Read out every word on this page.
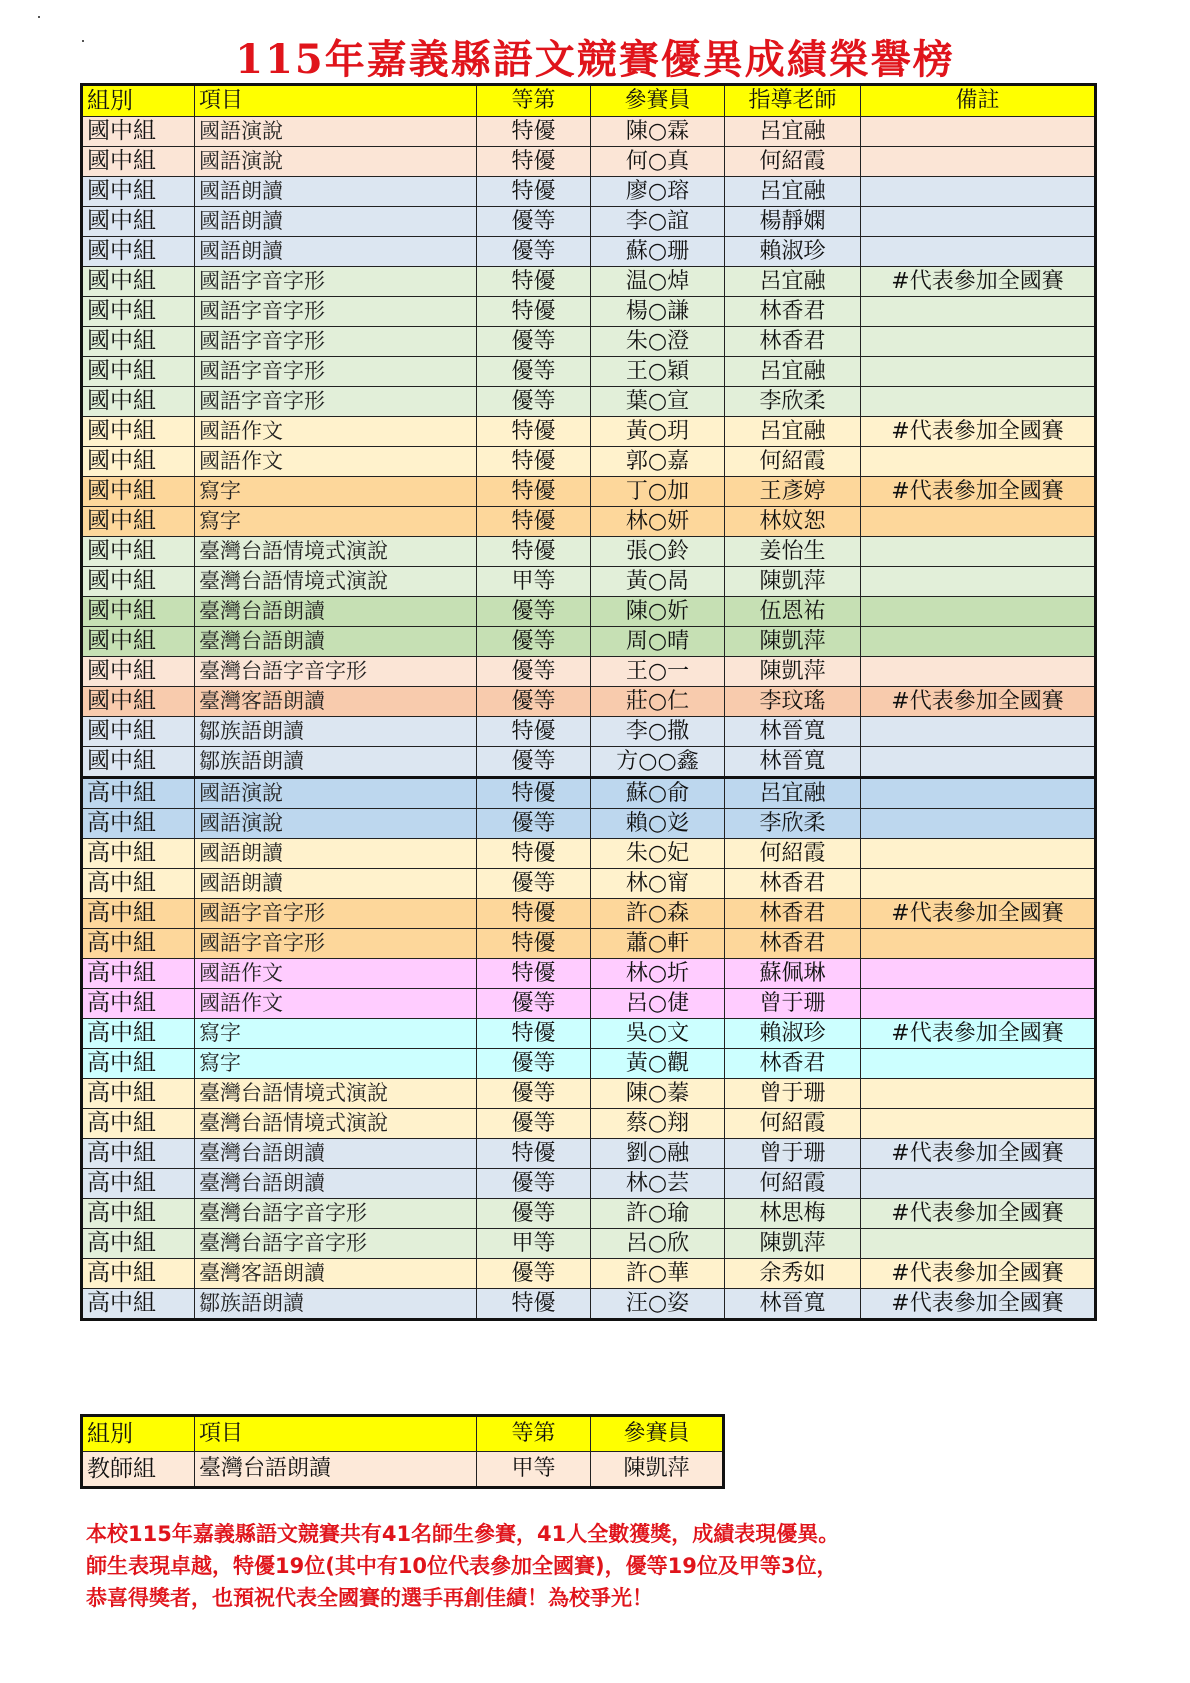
115年嘉義縣語文競賽優異成績榮譽榜
組別	項目	等第	參賽員	指導老師	備註
國中組	國語演說	特優	陳○霖	呂宜融	
國中組	國語演說	特優	何○真	何紹霞	
國中組	國語朗讀	特優	廖○瑢	呂宜融	
國中組	國語朗讀	優等	李○誼	楊靜嫻	
國中組	國語朗讀	優等	蘇○珊	賴淑珍	
國中組	國語字音字形	特優	温○焯	呂宜融	#代表參加全國賽
國中組	國語字音字形	特優	楊○謙	林香君	
國中組	國語字音字形	優等	朱○澄	林香君	
國中組	國語字音字形	優等	王○穎	呂宜融	
國中組	國語字音字形	優等	葉○宣	李欣柔	
國中組	國語作文	特優	黃○玥	呂宜融	#代表參加全國賽
國中組	國語作文	特優	郭○嘉	何紹霞	
國中組	寫字	特優	丁○加	王彥婷	#代表參加全國賽
國中組	寫字	特優	林○妍	林妏恕	
國中組	臺灣台語情境式演說	特優	張○鈴	姜怡生	
國中組	臺灣台語情境式演說	甲等	黃○晑	陳凱萍	
國中組	臺灣台語朗讀	優等	陳○妡	伍恩祐	
國中組	臺灣台語朗讀	優等	周○晴	陳凱萍	
國中組	臺灣台語字音字形	優等	王○一	陳凱萍	
國中組	臺灣客語朗讀	優等	莊○仁	李玟瑤	#代表參加全國賽
國中組	鄒族語朗讀	特優	李○撒	林晉寬	
國中組	鄒族語朗讀	優等	方○○鑫	林晉寬	
高中組	國語演說	特優	蘇○俞	呂宜融	
高中組	國語演說	優等	賴○彣	李欣柔	
高中組	國語朗讀	特優	朱○妃	何紹霞	
高中組	國語朗讀	優等	林○甯	林香君	
高中組	國語字音字形	特優	許○森	林香君	#代表參加全國賽
高中組	國語字音字形	特優	蕭○軒	林香君	
高中組	國語作文	特優	林○圻	蘇佩琳	
高中組	國語作文	優等	呂○倢	曾于珊	
高中組	寫字	特優	吳○文	賴淑珍	#代表參加全國賽
高中組	寫字	優等	黃○觀	林香君	
高中組	臺灣台語情境式演說	優等	陳○蓁	曾于珊	
高中組	臺灣台語情境式演說	優等	蔡○翔	何紹霞	
高中組	臺灣台語朗讀	特優	劉○融	曾于珊	#代表參加全國賽
高中組	臺灣台語朗讀	優等	林○芸	何紹霞	
高中組	臺灣台語字音字形	優等	許○瑜	林思梅	#代表參加全國賽
高中組	臺灣台語字音字形	甲等	呂○欣	陳凱萍	
高中組	臺灣客語朗讀	優等	許○華	余秀如	#代表參加全國賽
高中組	鄒族語朗讀	特優	汪○姿	林晉寬	#代表參加全國賽
組別	項目	等第	參賽員
教師組	臺灣台語朗讀	甲等	陳凱萍
本校115年嘉義縣語文競賽共有41名師生參賽，41人全數獲獎，成績表現優異。
師生表現卓越，特優19位(其中有10位代表參加全國賽)，優等19位及甲等3位，
恭喜得獎者，也預祝代表全國賽的選手再創佳績！為校爭光！
